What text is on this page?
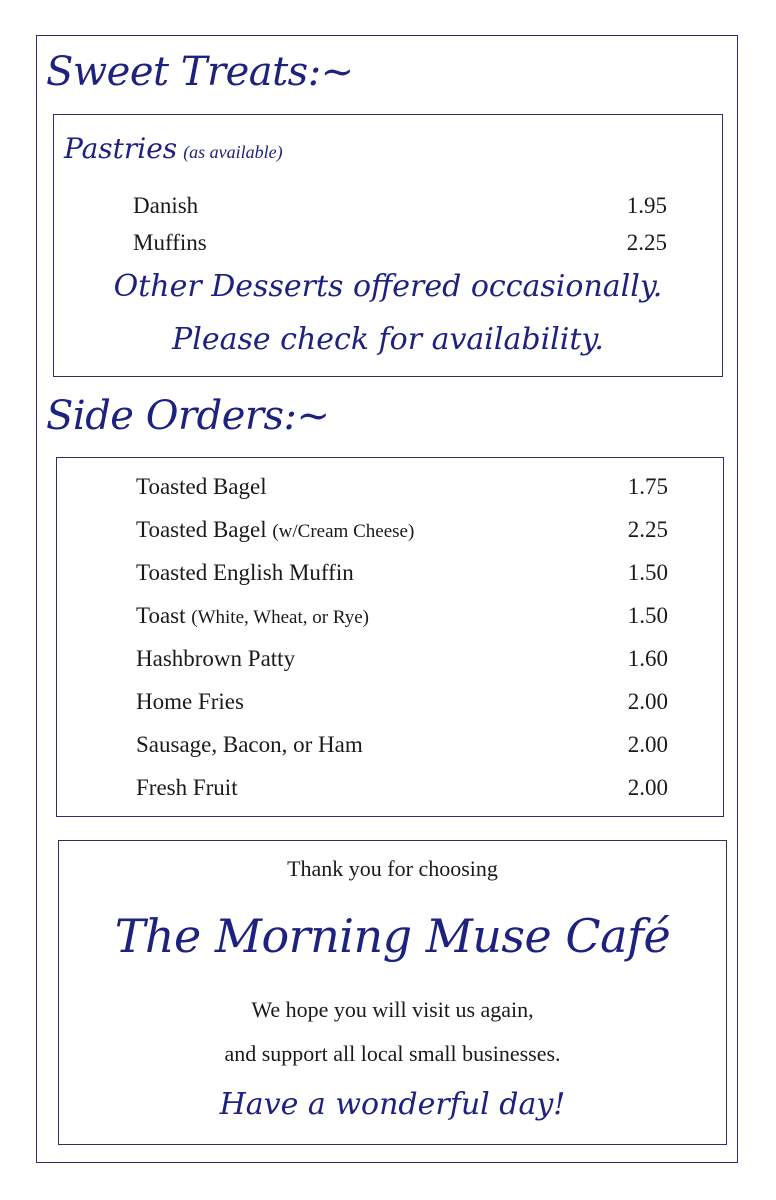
Sweet Treats:~
Pastries (as available)
Danish	1.95
Muffins	2.25
Other Desserts offered occasionally.
Please check for availability.
Side Orders:~
Toasted Bagel	1.75
Toasted Bagel (w/Cream Cheese)	2.25
Toasted English Muffin	1.50
Toast (White, Wheat, or Rye)	1.50
Hashbrown Patty	1.60
Home Fries	2.00
Sausage, Bacon, or Ham	2.00
Fresh Fruit	2.00
Thank you for choosing
The Morning Muse Café
We hope you will visit us again,
and support all local small businesses.
Have a wonderful day!
